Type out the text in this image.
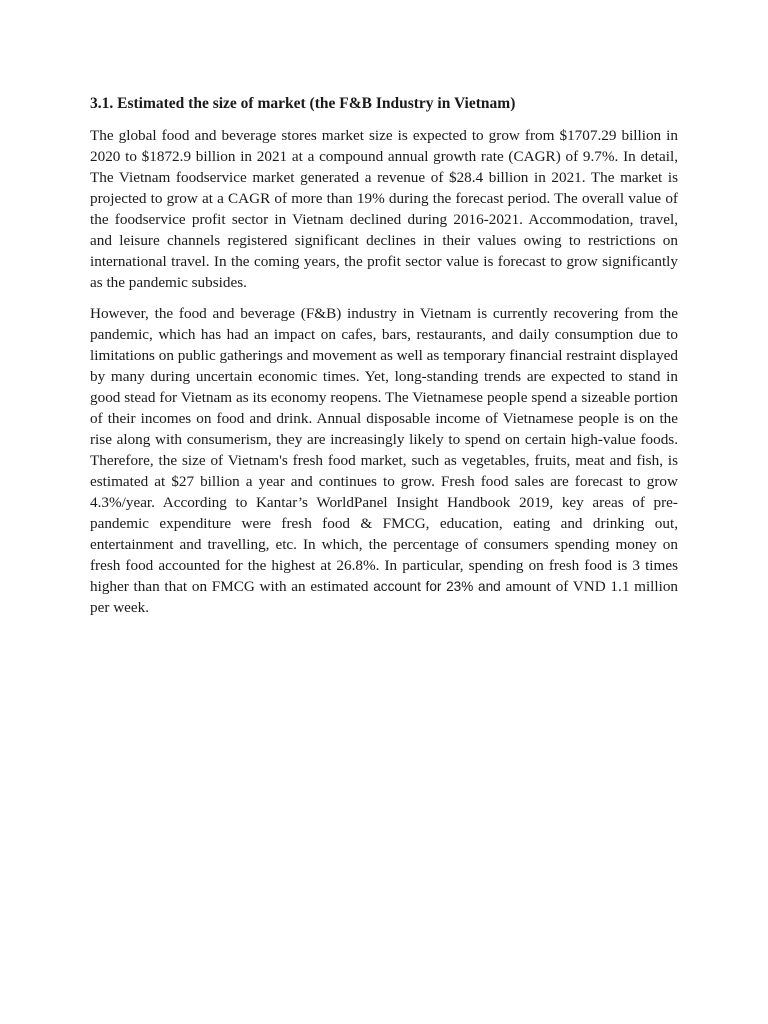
3.1. Estimated the size of market (the F&B Industry in Vietnam)

The global food and beverage stores market size is expected to grow from $1707.29 billion in 2020 to $1872.9 billion in 2021 at a compound annual growth rate (CAGR) of 9.7%. In detail, The Vietnam foodservice market generated a revenue of $28.4 billion in 2021. The market is projected to grow at a CAGR of more than 19% during the forecast period. The overall value of the foodservice profit sector in Vietnam declined during 2016-2021. Accommodation, travel, and leisure channels registered significant declines in their values owing to restrictions on international travel. In the coming years, the profit sector value is forecast to grow significantly as the pandemic subsides.

However, the food and beverage (F&B) industry in Vietnam is currently recovering from the pandemic, which has had an impact on cafes, bars, restaurants, and daily consumption due to limitations on public gatherings and movement as well as temporary financial restraint displayed by many during uncertain economic times. Yet, long-standing trends are expected to stand in good stead for Vietnam as its economy reopens. The Vietnamese people spend a sizeable portion of their incomes on food and drink. Annual disposable income of Vietnamese people is on the rise along with consumerism, they are increasingly likely to spend on certain high-value foods. Therefore, the size of Vietnam's fresh food market, such as vegetables, fruits, meat and fish, is estimated at $27 billion a year and continues to grow. Fresh food sales are forecast to grow 4.3%/year. According to Kantar’s WorldPanel Insight Handbook 2019, key areas of pre-pandemic expenditure were fresh food & FMCG, education, eating and drinking out, entertainment and travelling, etc. In which, the percentage of consumers spending money on fresh food accounted for the highest at 26.8%. In particular, spending on fresh food is 3 times higher than that on FMCG with an estimated account for 23% and amount of VND 1.1 million per week.
